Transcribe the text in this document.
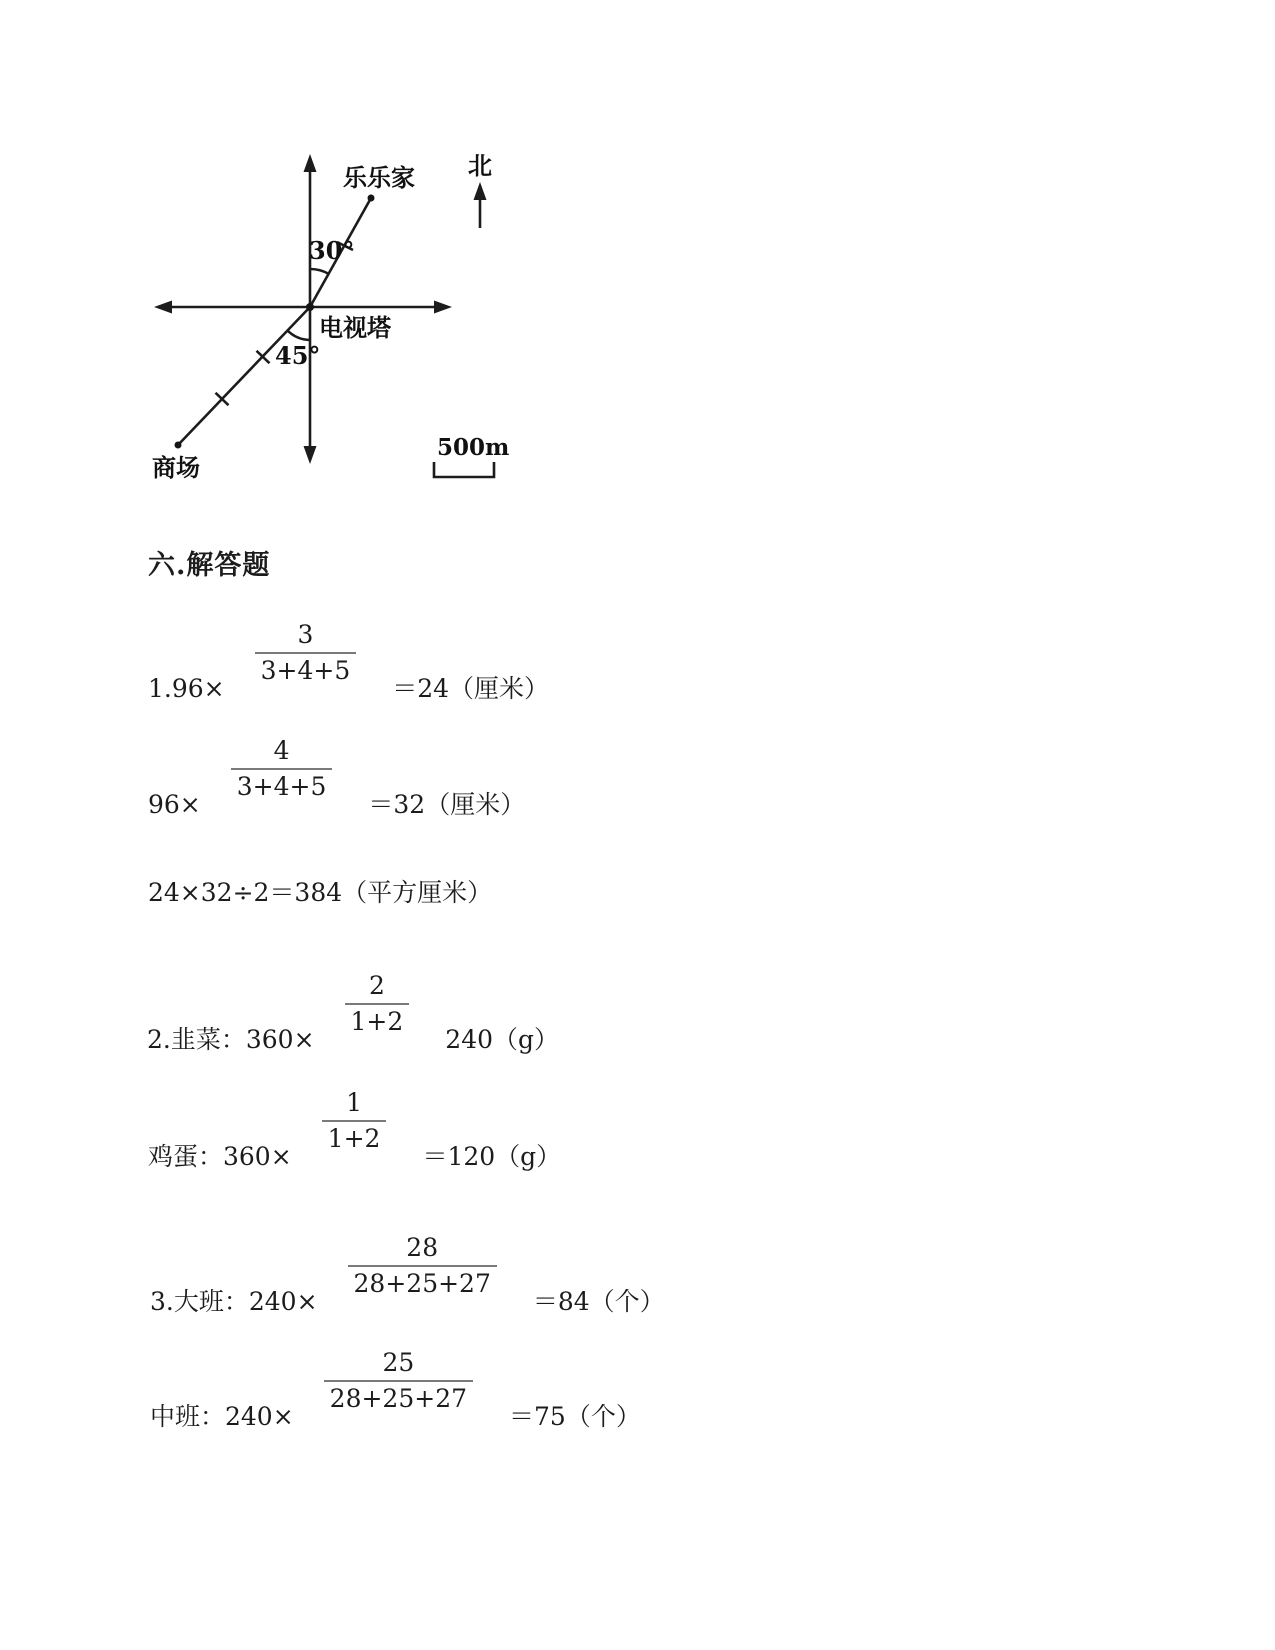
乐乐家
电视塔
商场
30°
45°
北
500m
六.解答题
1.96×
$\frac{3}{3+4+5}$
＝24（厘米）
96×
$\frac{4}{3+4+5}$
＝32（厘米）
24×32÷2＝384（平方厘米）
2.韭菜：360×
$\frac{2}{1+2}$
240（g）
鸡蛋：360×
$\frac{1}{1+2}$
＝120（g）
3.大班：240×
$\frac{28}{28+25+27}$
＝84（个）
中班：240×
$\frac{25}{28+25+27}$
＝75（个）
